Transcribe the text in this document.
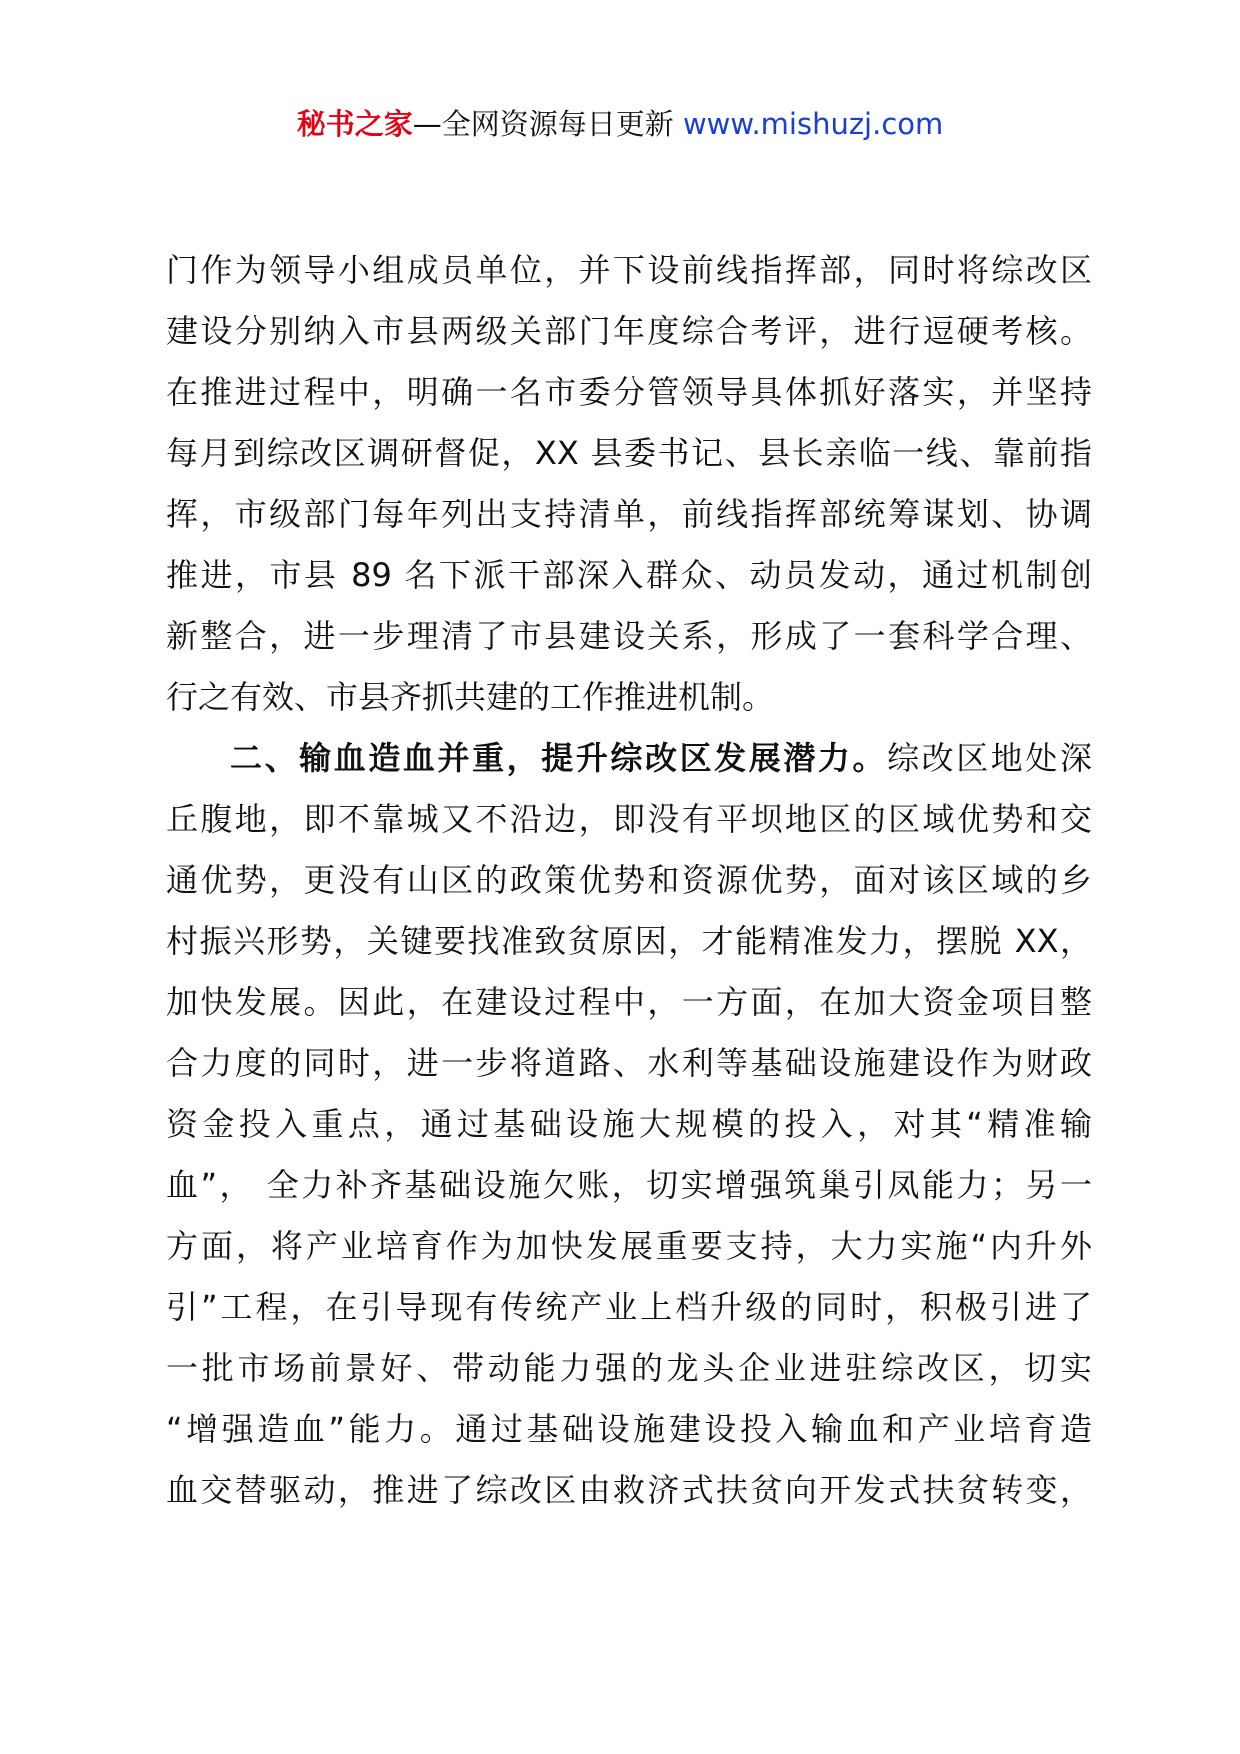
秘书之家—全网资源每日更新 www.mishuzj.com
门作为领导小组成员单位，并下设前线指挥部，同时将综改区
建设分别纳入市县两级关部门年度综合考评，进行逗硬考核。
在推进过程中，明确一名市委分管领导具体抓好落实，并坚持
每月到综改区调研督促，XX 县委书记、县长亲临一线、靠前指
挥，市级部门每年列出支持清单，前线指挥部统筹谋划、协调
推进，市县 89 名下派干部深入群众、动员发动，通过机制创
新整合，进一步理清了市县建设关系，形成了一套科学合理、
行之有效、市县齐抓共建的工作推进机制。
二、输血造血并重，提升综改区发展潜力。综改区地处深
丘腹地，即不靠城又不沿边，即没有平坝地区的区域优势和交
通优势，更没有山区的政策优势和资源优势，面对该区域的乡
村振兴形势，关键要找准致贫原因，才能精准发力，摆脱 XX，
加快发展。因此，在建设过程中，一方面，在加大资金项目整
合力度的同时，进一步将道路、水利等基础设施建设作为财政
资金投入重点，通过基础设施大规模的投入，对其“精准输
血”， 全力补齐基础设施欠账，切实增强筑巢引凤能力；另一
方面，将产业培育作为加快发展重要支持，大力实施“内升外
引”工程，在引导现有传统产业上档升级的同时，积极引进了
一批市场前景好、带动能力强的龙头企业进驻综改区，切实
“增强造血”能力。通过基础设施建设投入输血和产业培育造
血交替驱动，推进了综改区由救济式扶贫向开发式扶贫转变，
